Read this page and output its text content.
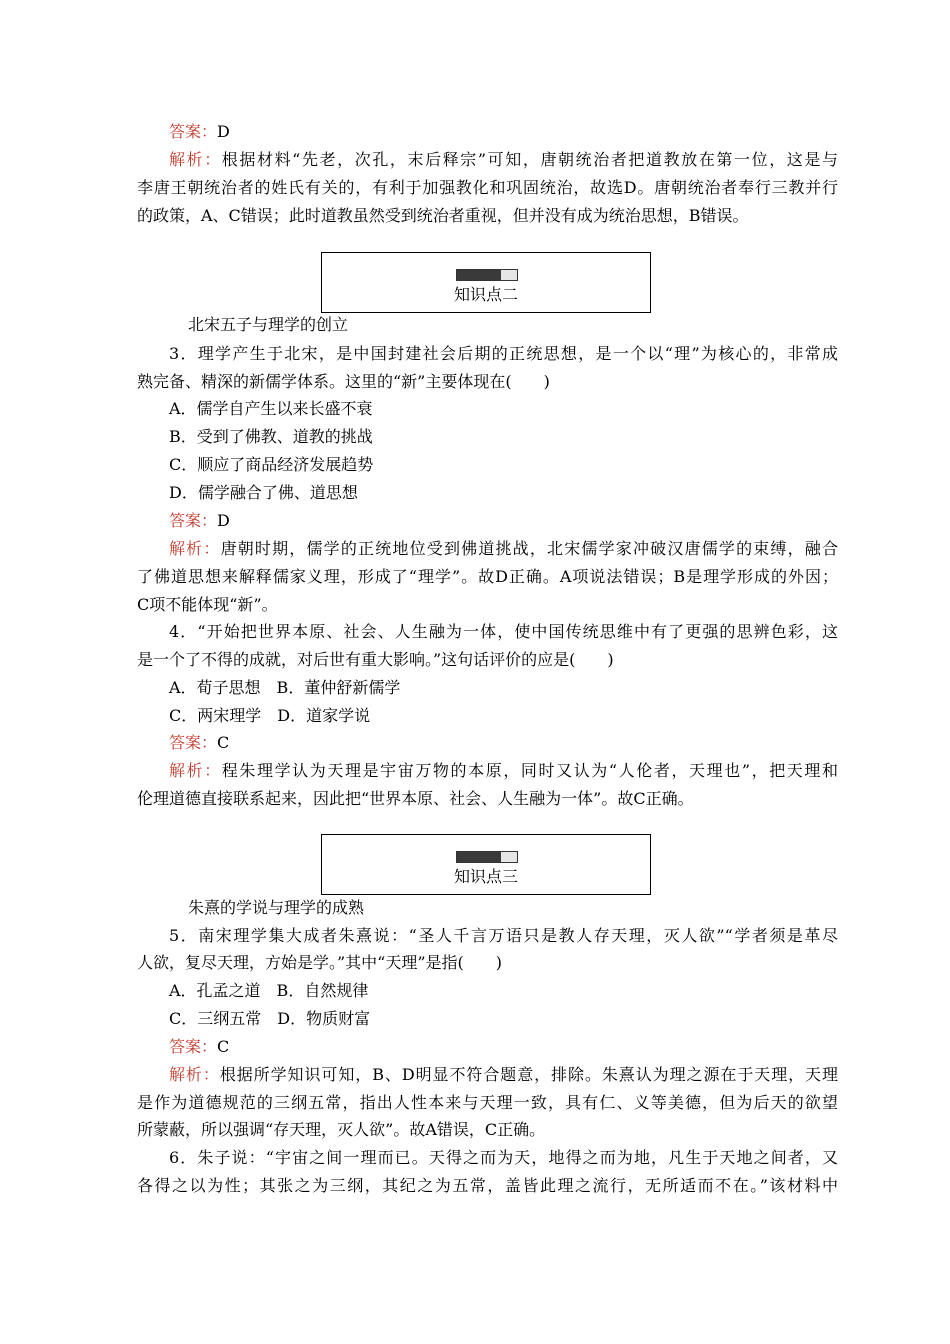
答案：D
解析：根据材料“先老，次孔，末后释宗”可知，唐朝统治者把道教放在第一位，这是与
李唐王朝统治者的姓氏有关的，有利于加强教化和巩固统治，故选D。唐朝统治者奉行三教并行
的政策，A、C错误；此时道教虽然受到统治者重视，但并没有成为统治思想，B错误。
知识点二
北宋五子与理学的创立
3．理学产生于北宋，是中国封建社会后期的正统思想，是一个以“理”为核心的，非常成
熟完备、精深的新儒学体系。这里的“新”主要体现在(　　)
A．儒学自产生以来长盛不衰
B．受到了佛教、道教的挑战
C．顺应了商品经济发展趋势
D．儒学融合了佛、道思想
答案：D
解析：唐朝时期，儒学的正统地位受到佛道挑战，北宋儒学家冲破汉唐儒学的束缚，融合
了佛道思想来解释儒家义理，形成了“理学”。故D正确。A项说法错误；B是理学形成的外因；
C项不能体现“新”。
4．“开始把世界本原、社会、人生融为一体，使中国传统思维中有了更强的思辨色彩，这
是一个了不得的成就，对后世有重大影响。”这句话评价的应是(　　)
A．荀子思想　B．董仲舒新儒学
C．两宋理学　D．道家学说
答案：C
解析：程朱理学认为天理是宇宙万物的本原，同时又认为“人伦者，天理也”，把天理和
伦理道德直接联系起来，因此把“世界本原、社会、人生融为一体”。故C正确。
知识点三
朱熹的学说与理学的成熟
5．南宋理学集大成者朱熹说：“圣人千言万语只是教人存天理，灭人欲”“学者须是革尽
人欲，复尽天理，方始是学。”其中“天理”是指(　　)
A．孔孟之道　B．自然规律
C．三纲五常　D．物质财富
答案：C
解析：根据所学知识可知，B、D明显不符合题意，排除。朱熹认为理之源在于天理，天理
是作为道德规范的三纲五常，指出人性本来与天理一致，具有仁、义等美德，但为后天的欲望
所蒙蔽，所以强调“存天理，灭人欲”。故A错误，C正确。
6．朱子说：“宇宙之间一理而已。天得之而为天，地得之而为地，凡生于天地之间者，又
各得之以为性；其张之为三纲，其纪之为五常，盖皆此理之流行，无所适而不在。”该材料中
